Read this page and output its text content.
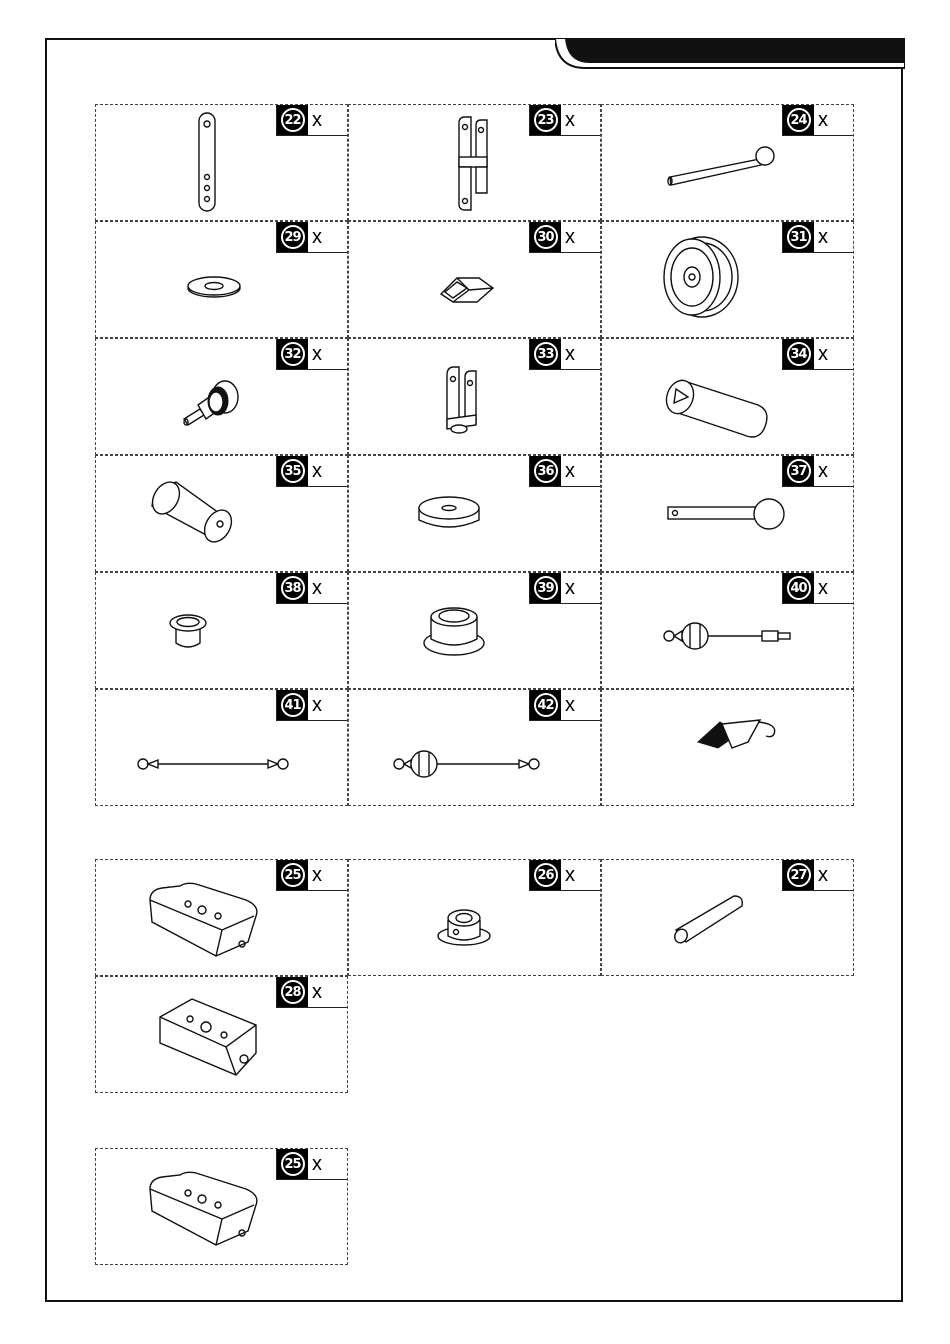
22 x	23 x	24 x
29 x	30 x	31 x
32 x	33 x	34 x
35 x	36 x	37 x
38 x	39 x	40 x
41 x	42 x
25 x	26 x	27 x
28 x
25 x
